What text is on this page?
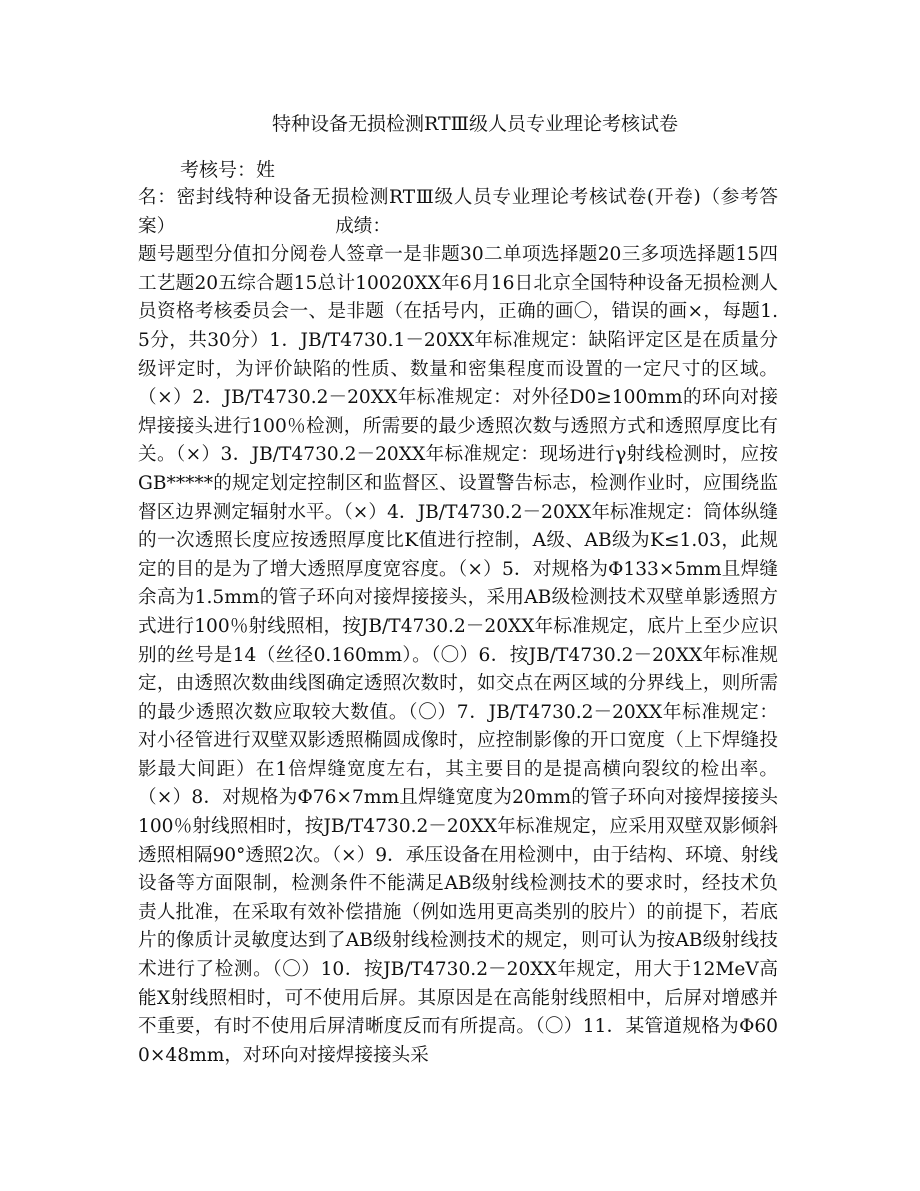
特种设备无损检测RTⅢ级人员专业理论考核试卷
考核号：姓
名：密封线特种设备无损检测RTⅢ级人员专业理论考核试卷(开卷)（参考答案）	成绩：
题号题型分值扣分阅卷人签章一是非题30二单项选择题20三多项选择题15四工艺题20五综合题15总计10020XX年6月16日北京全国特种设备无损检测人员资格考核委员会一、是非题（在括号内，正确的画〇，错误的画×，每题1.5分，共30分）1．JB/T4730.1－20XX年标准规定：缺陷评定区是在质量分级评定时，为评价缺陷的性质、数量和密集程度而设置的一定尺寸的区域。（×）2．JB/T4730.2－20XX年标准规定：对外径D0≥100mm的环向对接焊接接头进行100％检测，所需要的最少透照次数与透照方式和透照厚度比有关。（×）3．JB/T4730.2－20XX年标准规定：现场进行γ射线检测时，应按GB*****的规定划定控制区和监督区、设置警告标志，检测作业时，应围绕监督区边界测定辐射水平。（×）4．JB/T4730.2－20XX年标准规定：筒体纵缝的一次透照长度应按透照厚度比K值进行控制，A级、AB级为K≤1.03，此规定的目的是为了增大透照厚度宽容度。（×）5．对规格为Φ133×5mm且焊缝余高为1.5mm的管子环向对接焊接接头，采用AB级检测技术双壁单影透照方式进行100％射线照相，按JB/T4730.2－20XX年标准规定，底片上至少应识别的丝号是14（丝径0.160mm）。（〇）6．按JB/T4730.2－20XX年标准规定，由透照次数曲线图确定透照次数时，如交点在两区域的分界线上，则所需的最少透照次数应取较大数值。（〇）7．JB/T4730.2－20XX年标准规定：对小径管进行双壁双影透照椭圆成像时，应控制影像的开口宽度（上下焊缝投影最大间距）在1倍焊缝宽度左右，其主要目的是提高横向裂纹的检出率。（×）8．对规格为Φ76×7mm且焊缝宽度为20mm的管子环向对接焊接接头100％射线照相时，按JB/T4730.2－20XX年标准规定，应采用双壁双影倾斜透照相隔90°透照2次。（×）9．承压设备在用检测中，由于结构、环境、射线设备等方面限制，检测条件不能满足AB级射线检测技术的要求时，经技术负责人批准，在采取有效补偿措施（例如选用更高类别的胶片）的前提下，若底片的像质计灵敏度达到了AB级射线检测技术的规定，则可认为按AB级射线技术进行了检测。（〇）10．按JB/T4730.2－20XX年规定，用大于12MeV高能X射线照相时，可不使用后屏。其原因是在高能射线照相中，后屏对增感并不重要，有时不使用后屏清晰度反而有所提高。（〇）11．某管道规格为Φ600×48mm，对环向对接焊接接头采
